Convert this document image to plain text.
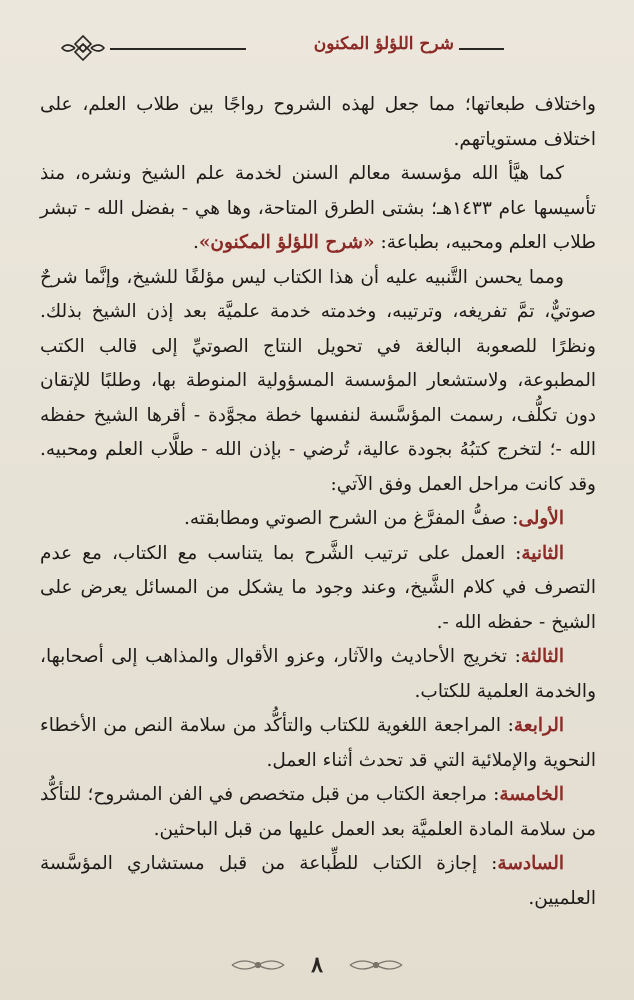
شرح اللؤلؤ المكنون

واختلاف طبعاتها؛ مما جعل لهذه الشروح رواجًا بين طلاب العلم، على اختلاف مستوياتهم.

كما هيَّأ الله مؤسسة معالم السنن لخدمة علم الشيخ ونشره، منذ تأسيسها عام ١٤٣٣هـ؛ بشتى الطرق المتاحة، وها هي - بفضل الله - تبشر طلاب العلم ومحبيه، بطباعة: «شرح اللؤلؤ المكنون».

ومما يحسن التَّنبيه عليه أن هذا الكتاب ليس مؤلفًا للشيخ، وإنَّما شرحٌ صوتيٌّ، تمَّ تفريغه، وترتيبه، وخدمته خدمة علميَّة بعد إذن الشيخ بذلك. ونظرًا للصعوبة البالغة في تحويل النتاج الصوتيِّ إلى قالب الكتب المطبوعة، ولاستشعار المؤسسة المسؤولية المنوطة بها، وطلبًا للإتقان دون تكلُّف، رسمت المؤسَّسة لنفسها خطة مجوَّدة - أقرها الشيخ حفظه الله -؛ لتخرج كتبُهُ بجودة عالية، تُرضي - بإذن الله - طلَّاب العلم ومحبيه. وقد كانت مراحل العمل وفق الآتي:

الأولى: صفُّ المفرَّغ من الشرح الصوتي ومطابقته.

الثانية: العمل على ترتيب الشَّرح بما يتناسب مع الكتاب، مع عدم التصرف في كلام الشَّيخ، وعند وجود ما يشكل من المسائل يعرض على الشيخ - حفظه الله -.

الثالثة: تخريج الأحاديث والآثار، وعزو الأقوال والمذاهب إلى أصحابها، والخدمة العلمية للكتاب.

الرابعة: المراجعة اللغوية للكتاب والتأكُّد من سلامة النص من الأخطاء النحوية والإملائية التي قد تحدث أثناء العمل.

الخامسة: مراجعة الكتاب من قبل متخصص في الفن المشروح؛ للتأكُّد من سلامة المادة العلميَّة بعد العمل عليها من قبل الباحثين.

السادسة: إجازة الكتاب للطِّباعة من قبل مستشاري المؤسَّسة العلميين.

٨
